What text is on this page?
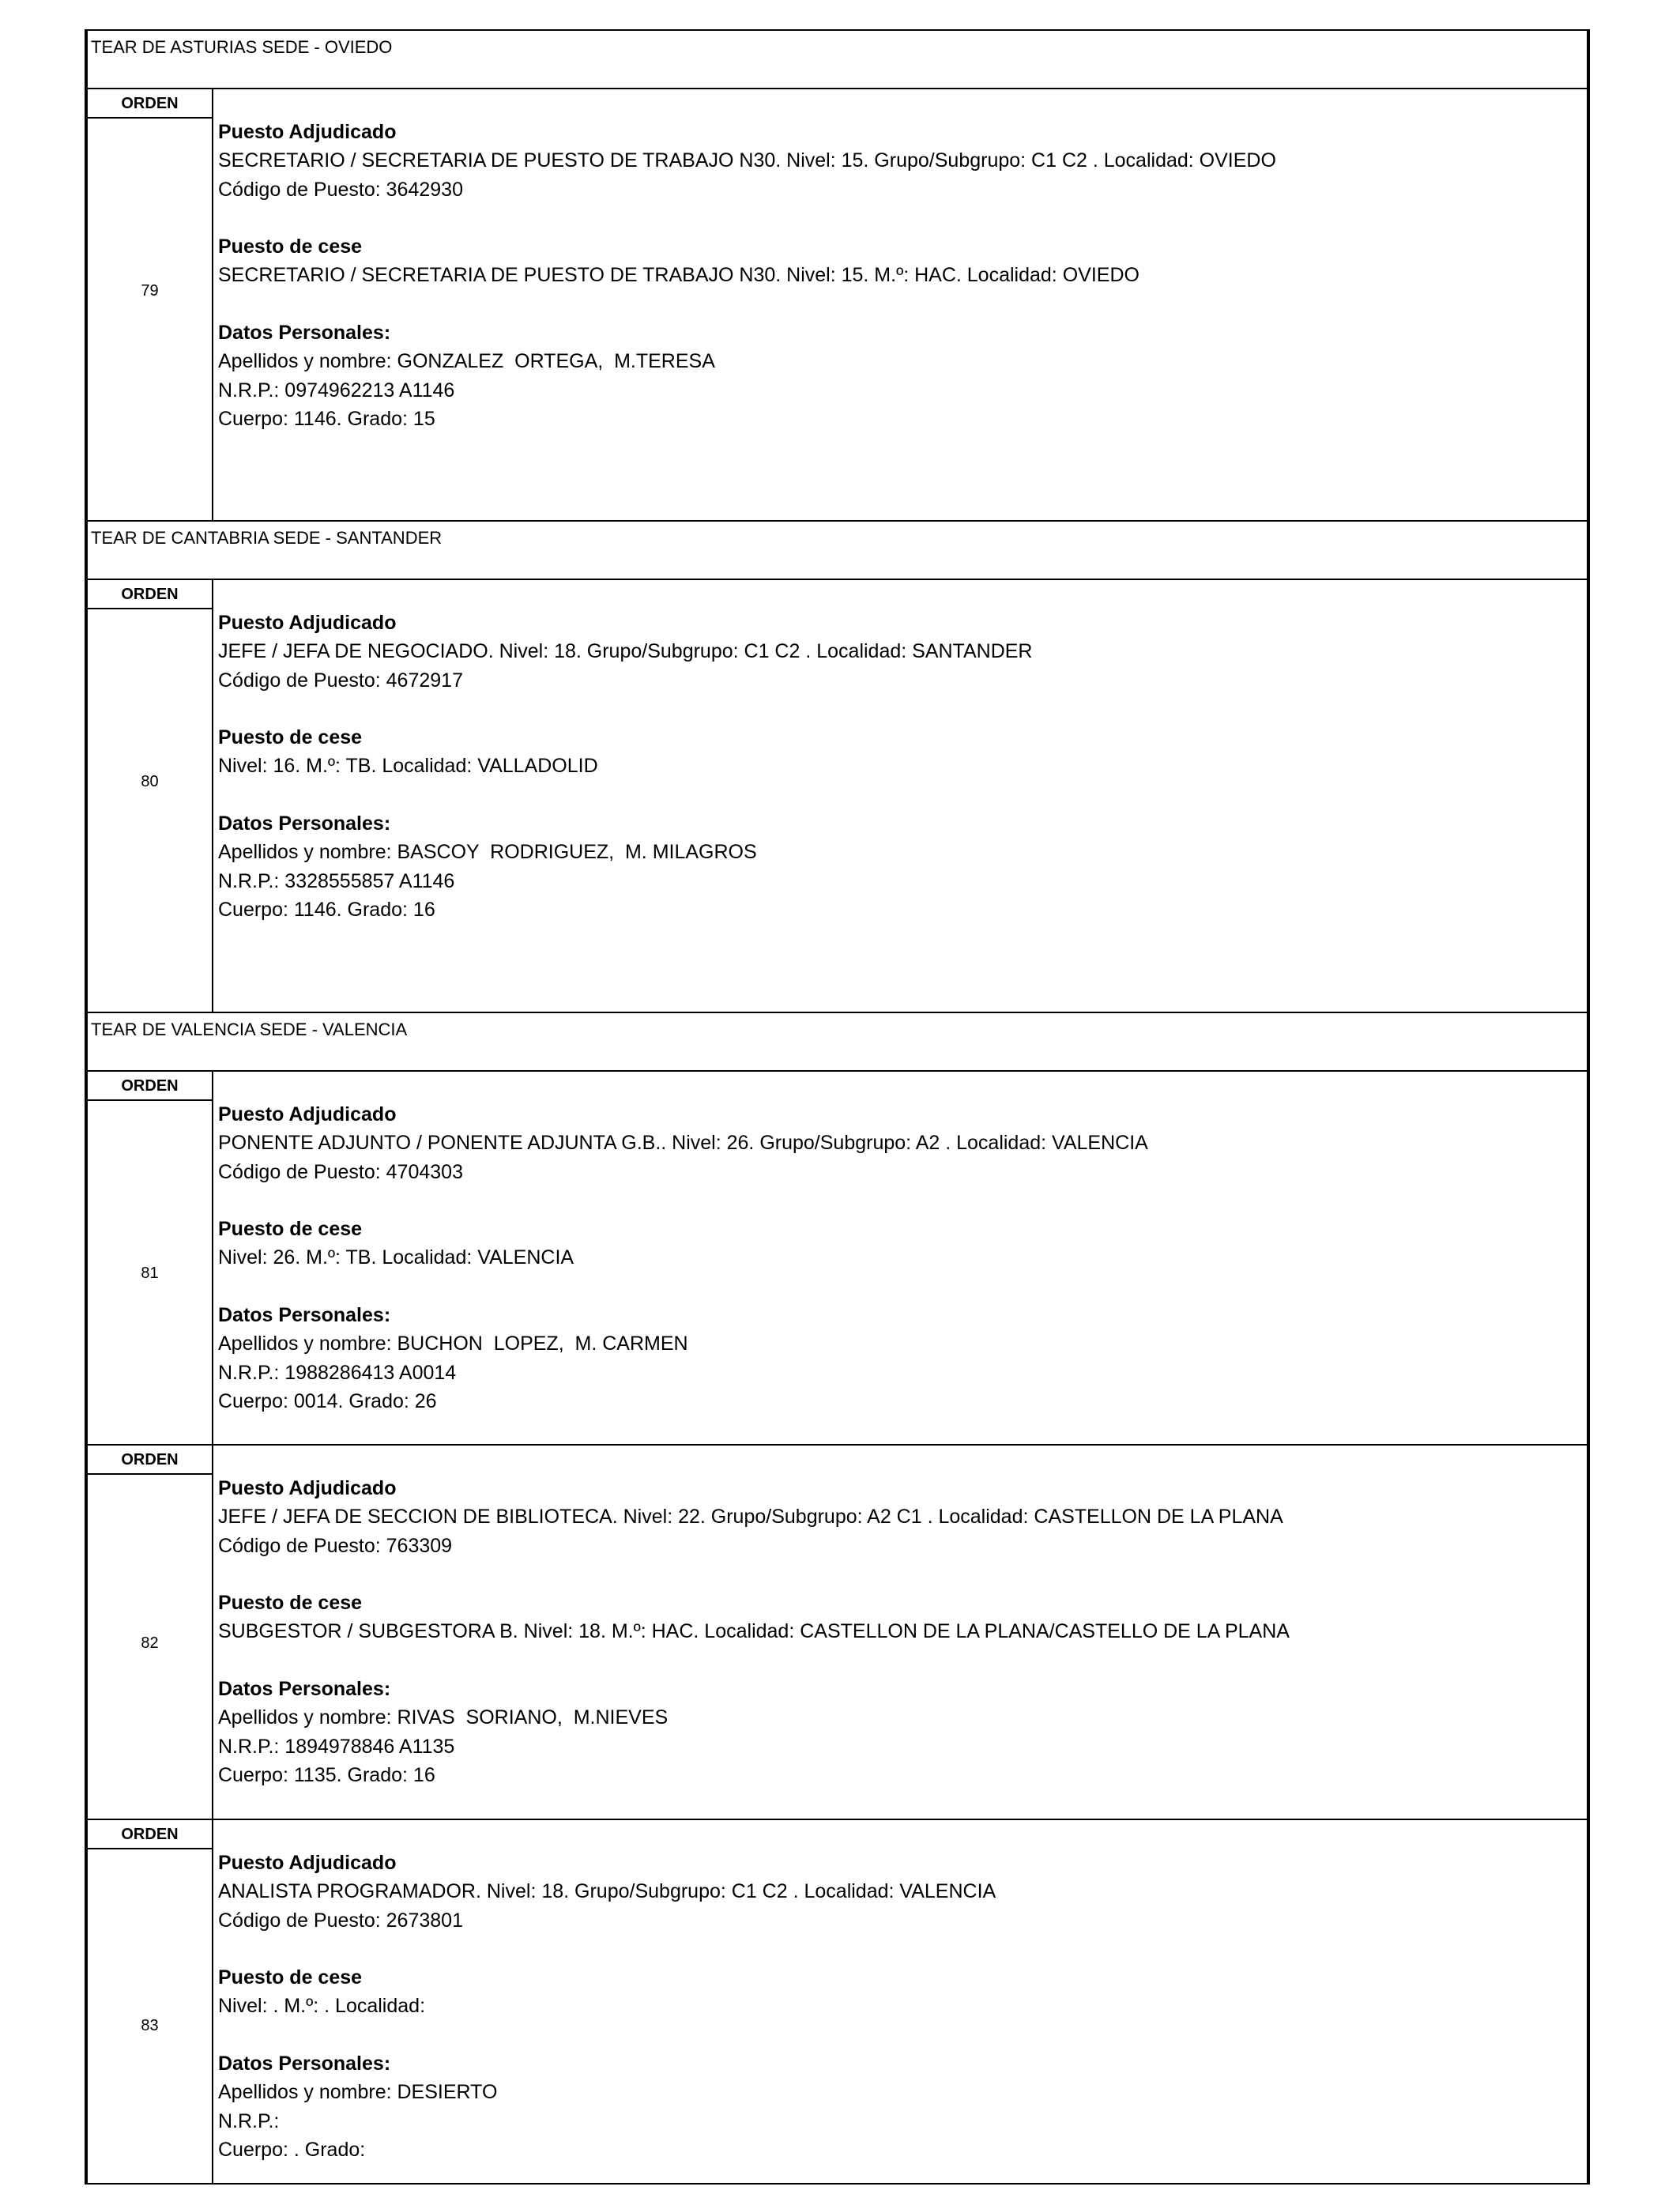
TEAR DE ASTURIAS SEDE - OVIEDO
ORDEN
79
Puesto Adjudicado
SECRETARIO / SECRETARIA DE PUESTO DE TRABAJO N30. Nivel: 15. Grupo/Subgrupo: C1 C2 . Localidad: OVIEDO
Código de Puesto: 3642930
Puesto de cese
SECRETARIO / SECRETARIA DE PUESTO DE TRABAJO N30. Nivel: 15. M.º: HAC. Localidad: OVIEDO
Datos Personales:
Apellidos y nombre: GONZALEZ  ORTEGA,  M.TERESA
N.R.P.: 0974962213 A1146
Cuerpo: 1146. Grado: 15
TEAR DE CANTABRIA SEDE - SANTANDER
ORDEN
80
Puesto Adjudicado
JEFE / JEFA DE NEGOCIADO. Nivel: 18. Grupo/Subgrupo: C1 C2 . Localidad: SANTANDER
Código de Puesto: 4672917
Puesto de cese
Nivel: 16. M.º: TB. Localidad: VALLADOLID
Datos Personales:
Apellidos y nombre: BASCOY  RODRIGUEZ,  M. MILAGROS
N.R.P.: 3328555857 A1146
Cuerpo: 1146. Grado: 16
TEAR DE VALENCIA SEDE - VALENCIA
ORDEN
81
Puesto Adjudicado
PONENTE ADJUNTO / PONENTE ADJUNTA G.B.. Nivel: 26. Grupo/Subgrupo: A2 . Localidad: VALENCIA
Código de Puesto: 4704303
Puesto de cese
Nivel: 26. M.º: TB. Localidad: VALENCIA
Datos Personales:
Apellidos y nombre: BUCHON  LOPEZ,  M. CARMEN
N.R.P.: 1988286413 A0014
Cuerpo: 0014. Grado: 26
ORDEN
82
Puesto Adjudicado
JEFE / JEFA DE SECCION DE BIBLIOTECA. Nivel: 22. Grupo/Subgrupo: A2 C1 . Localidad: CASTELLON DE LA PLANA
Código de Puesto: 763309
Puesto de cese
SUBGESTOR / SUBGESTORA B. Nivel: 18. M.º: HAC. Localidad: CASTELLON DE LA PLANA/CASTELLO DE LA PLANA
Datos Personales:
Apellidos y nombre: RIVAS  SORIANO,  M.NIEVES
N.R.P.: 1894978846 A1135
Cuerpo: 1135. Grado: 16
ORDEN
83
Puesto Adjudicado
ANALISTA PROGRAMADOR. Nivel: 18. Grupo/Subgrupo: C1 C2 . Localidad: VALENCIA
Código de Puesto: 2673801
Puesto de cese
Nivel: . M.º: . Localidad:
Datos Personales:
Apellidos y nombre: DESIERTO
N.R.P.:
Cuerpo: . Grado:
